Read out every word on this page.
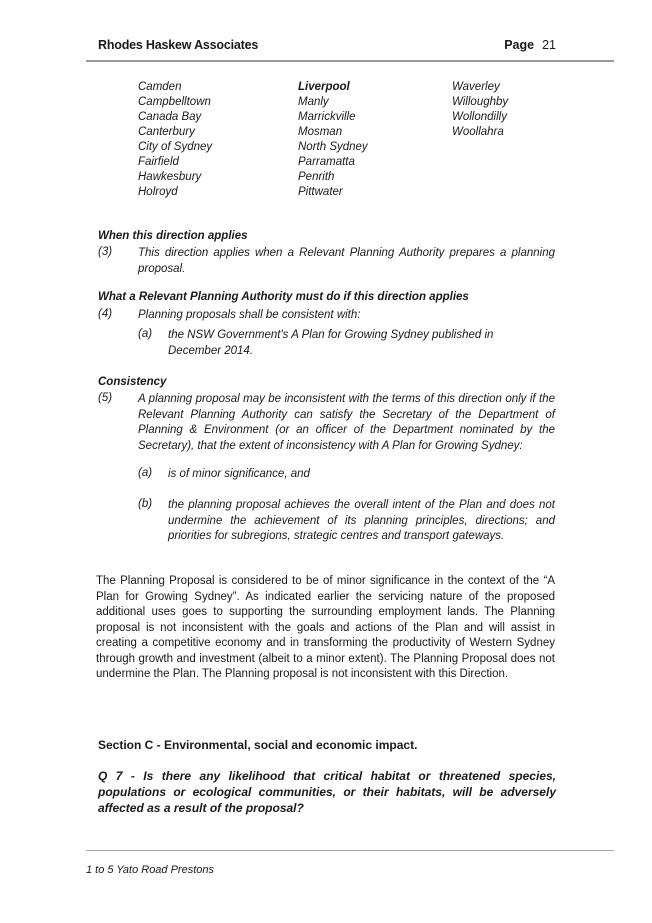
Rhodes Haskew Associates	Page 21
Camden
Campbelltown
Canada Bay
Canterbury
City of Sydney
Fairfield
Hawkesbury
Holroyd
Liverpool
Manly
Marrickville
Mosman
North Sydney
Parramatta
Penrith
Pittwater
Waverley
Willoughby
Wollondilly
Woollahra
When this direction applies
(3) This direction applies when a Relevant Planning Authority prepares a planning proposal.
What a Relevant Planning Authority must do if this direction applies
(4) Planning proposals shall be consistent with:
(a) the NSW Government's A Plan for Growing Sydney published in December 2014.
Consistency
(5) A planning proposal may be inconsistent with the terms of this direction only if the Relevant Planning Authority can satisfy the Secretary of the Department of Planning & Environment (or an officer of the Department nominated by the Secretary), that the extent of inconsistency with A Plan for Growing Sydney:
(a) is of minor significance, and
(b) the planning proposal achieves the overall intent of the Plan and does not undermine the achievement of its planning principles, directions; and priorities for subregions, strategic centres and transport gateways.
The Planning Proposal is considered to be of minor significance in the context of the “A Plan for Growing Sydney”. As indicated earlier the servicing nature of the proposed additional uses goes to supporting the surrounding employment lands. The Planning proposal is not inconsistent with the goals and actions of the Plan and will assist in creating a competitive economy and in transforming the productivity of Western Sydney through growth and investment (albeit to a minor extent). The Planning Proposal does not undermine the Plan. The Planning proposal is not inconsistent with this Direction.
Section C - Environmental, social and economic impact.
Q 7 - Is there any likelihood that critical habitat or threatened species, populations or ecological communities, or their habitats, will be adversely affected as a result of the proposal?
1 to 5 Yato Road Prestons
